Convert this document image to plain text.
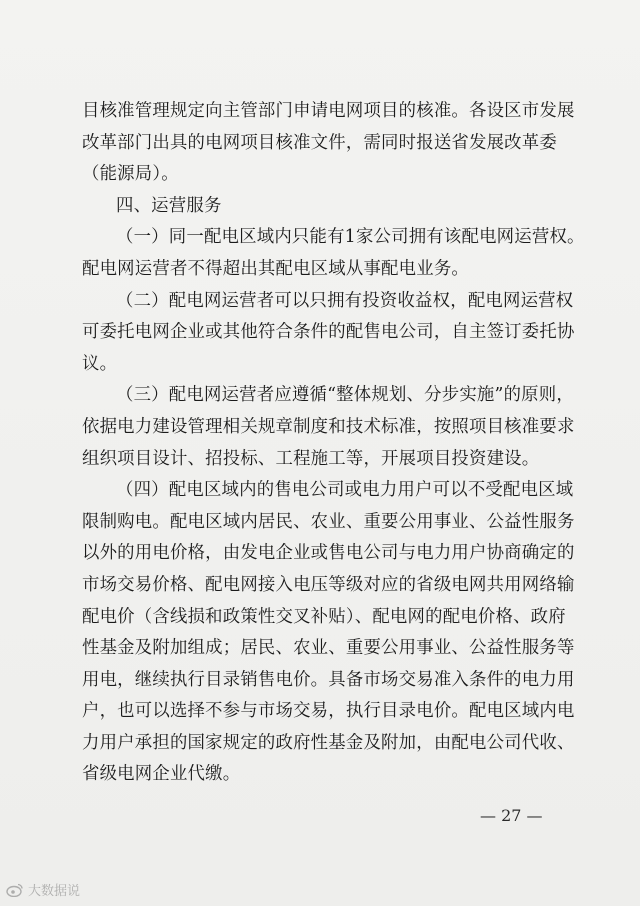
目核准管理规定向主管部门申请电网项目的核准。各设区市发展
改革部门出具的电网项目核准文件，需同时报送省发展改革委
（能源局）。
四、运营服务
（一）同一配电区域内只能有1家公司拥有该配电网运营权。
配电网运营者不得超出其配电区域从事配电业务。
（二）配电网运营者可以只拥有投资收益权，配电网运营权
可委托电网企业或其他符合条件的配售电公司，自主签订委托协
议。
（三）配电网运营者应遵循“整体规划、分步实施”的原则，
依据电力建设管理相关规章制度和技术标准，按照项目核准要求
组织项目设计、招投标、工程施工等，开展项目投资建设。
（四）配电区域内的售电公司或电力用户可以不受配电区域
限制购电。配电区域内居民、农业、重要公用事业、公益性服务
以外的用电价格，由发电企业或售电公司与电力用户协商确定的
市场交易价格、配电网接入电压等级对应的省级电网共用网络输
配电价（含线损和政策性交叉补贴）、配电网的配电价格、政府
性基金及附加组成；居民、农业、重要公用事业、公益性服务等
用电，继续执行目录销售电价。具备市场交易准入条件的电力用
户，也可以选择不参与市场交易，执行目录电价。配电区域内电
力用户承担的国家规定的政府性基金及附加，由配电公司代收、
省级电网企业代缴。
— 27 —
大数据说
